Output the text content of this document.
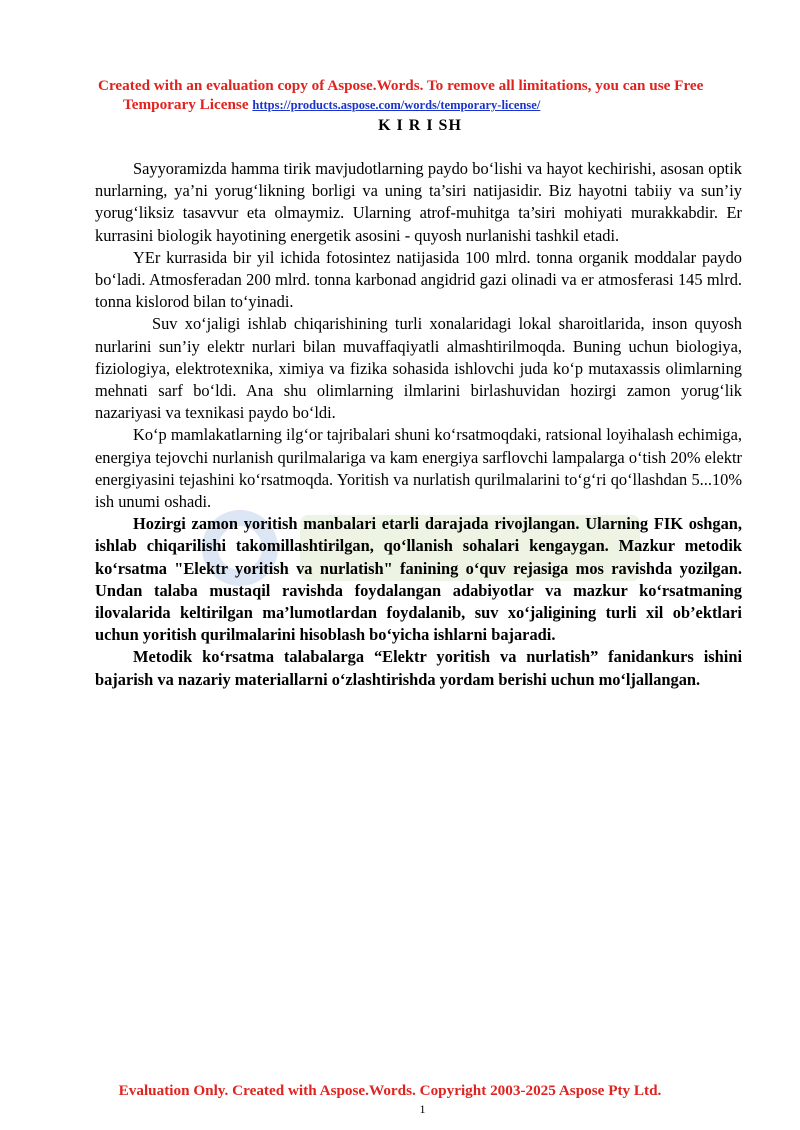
Created with an evaluation copy of Aspose.Words. To remove all limitations, you can use Free
Temporary License https://products.aspose.com/words/temporary-license/
K I R I SH

Sayyoramizda hamma tirik mavjudotlarning paydo bo‘lishi va hayot kechirishi, asosan optik nurlarning, ya’ni yorug‘likning borligi va uning ta’siri natijasidir. Biz hayotni tabiiy va sun’iy yorug‘liksiz tasavvur eta olmaymiz. Ularning atrof-muhitga ta’siri mohiyati murakkabdir. Er kurrasini biologik hayotining energetik asosini - quyosh nurlanishi tashkil etadi.

YEr kurrasida bir yil ichida fotosintez natijasida 100 mlrd. tonna organik moddalar paydo bo‘ladi. Atmosferadan 200 mlrd. tonna karbonad angidrid gazi olinadi va er atmosferasi 145 mlrd. tonna kislorod bilan to‘yinadi.

Suv xo‘jaligi ishlab chiqarishining turli xonalaridagi lokal sharoitlarida, inson quyosh nurlarini sun’iy elektr nurlari bilan muvaffaqiyatli almashtirilmoqda. Buning uchun biologiya, fiziologiya, elektrotexnika, ximiya va fizika sohasida ishlovchi juda ko‘p mutaxassis olimlarning mehnati sarf bo‘ldi. Ana shu olimlarning ilmlarini birlashuvidan hozirgi zamon yorug‘lik nazariyasi va texnikasi paydo bo‘ldi.

Ko‘p mamlakatlarning ilg‘or tajribalari shuni ko‘rsatmoqdaki, ratsional loyihalash echimiga, energiya tejovchi nurlanish qurilmalariga va kam energiya sarflovchi lampalarga o‘tish 20% elektr energiyasini tejashini ko‘rsatmoqda. Yoritish va nurlatish qurilmalarini to‘g‘ri qo‘llashdan 5...10% ish unumi oshadi.

Hozirgi zamon yoritish manbalari etarli darajada rivojlangan. Ularning FIK oshgan, ishlab chiqarilishi takomillashtirilgan, qo‘llanish sohalari kengaygan. Mazkur metodik ko‘rsatma "Elektr yoritish va nurlatish" fanining o‘quv rejasiga mos ravishda yozilgan. Undan talaba mustaqil ravishda foydalangan adabiyotlar va mazkur ko‘rsatmaning ilovalarida keltirilgan ma’lumotlardan foydalanib, suv xo‘jaligining turli xil ob’ektlari uchun yoritish qurilmalarini hisoblash bo‘yicha ishlarni bajaradi.

Metodik ko‘rsatma talabalarga “Elektr yoritish va nurlatish” fanidankurs ishini bajarish va nazariy materiallarni o‘zlashtirishda yordam berishi uchun mo‘ljallangan.

Evaluation Only. Created with Aspose.Words. Copyright 2003-2025 Aspose Pty Ltd.
1
